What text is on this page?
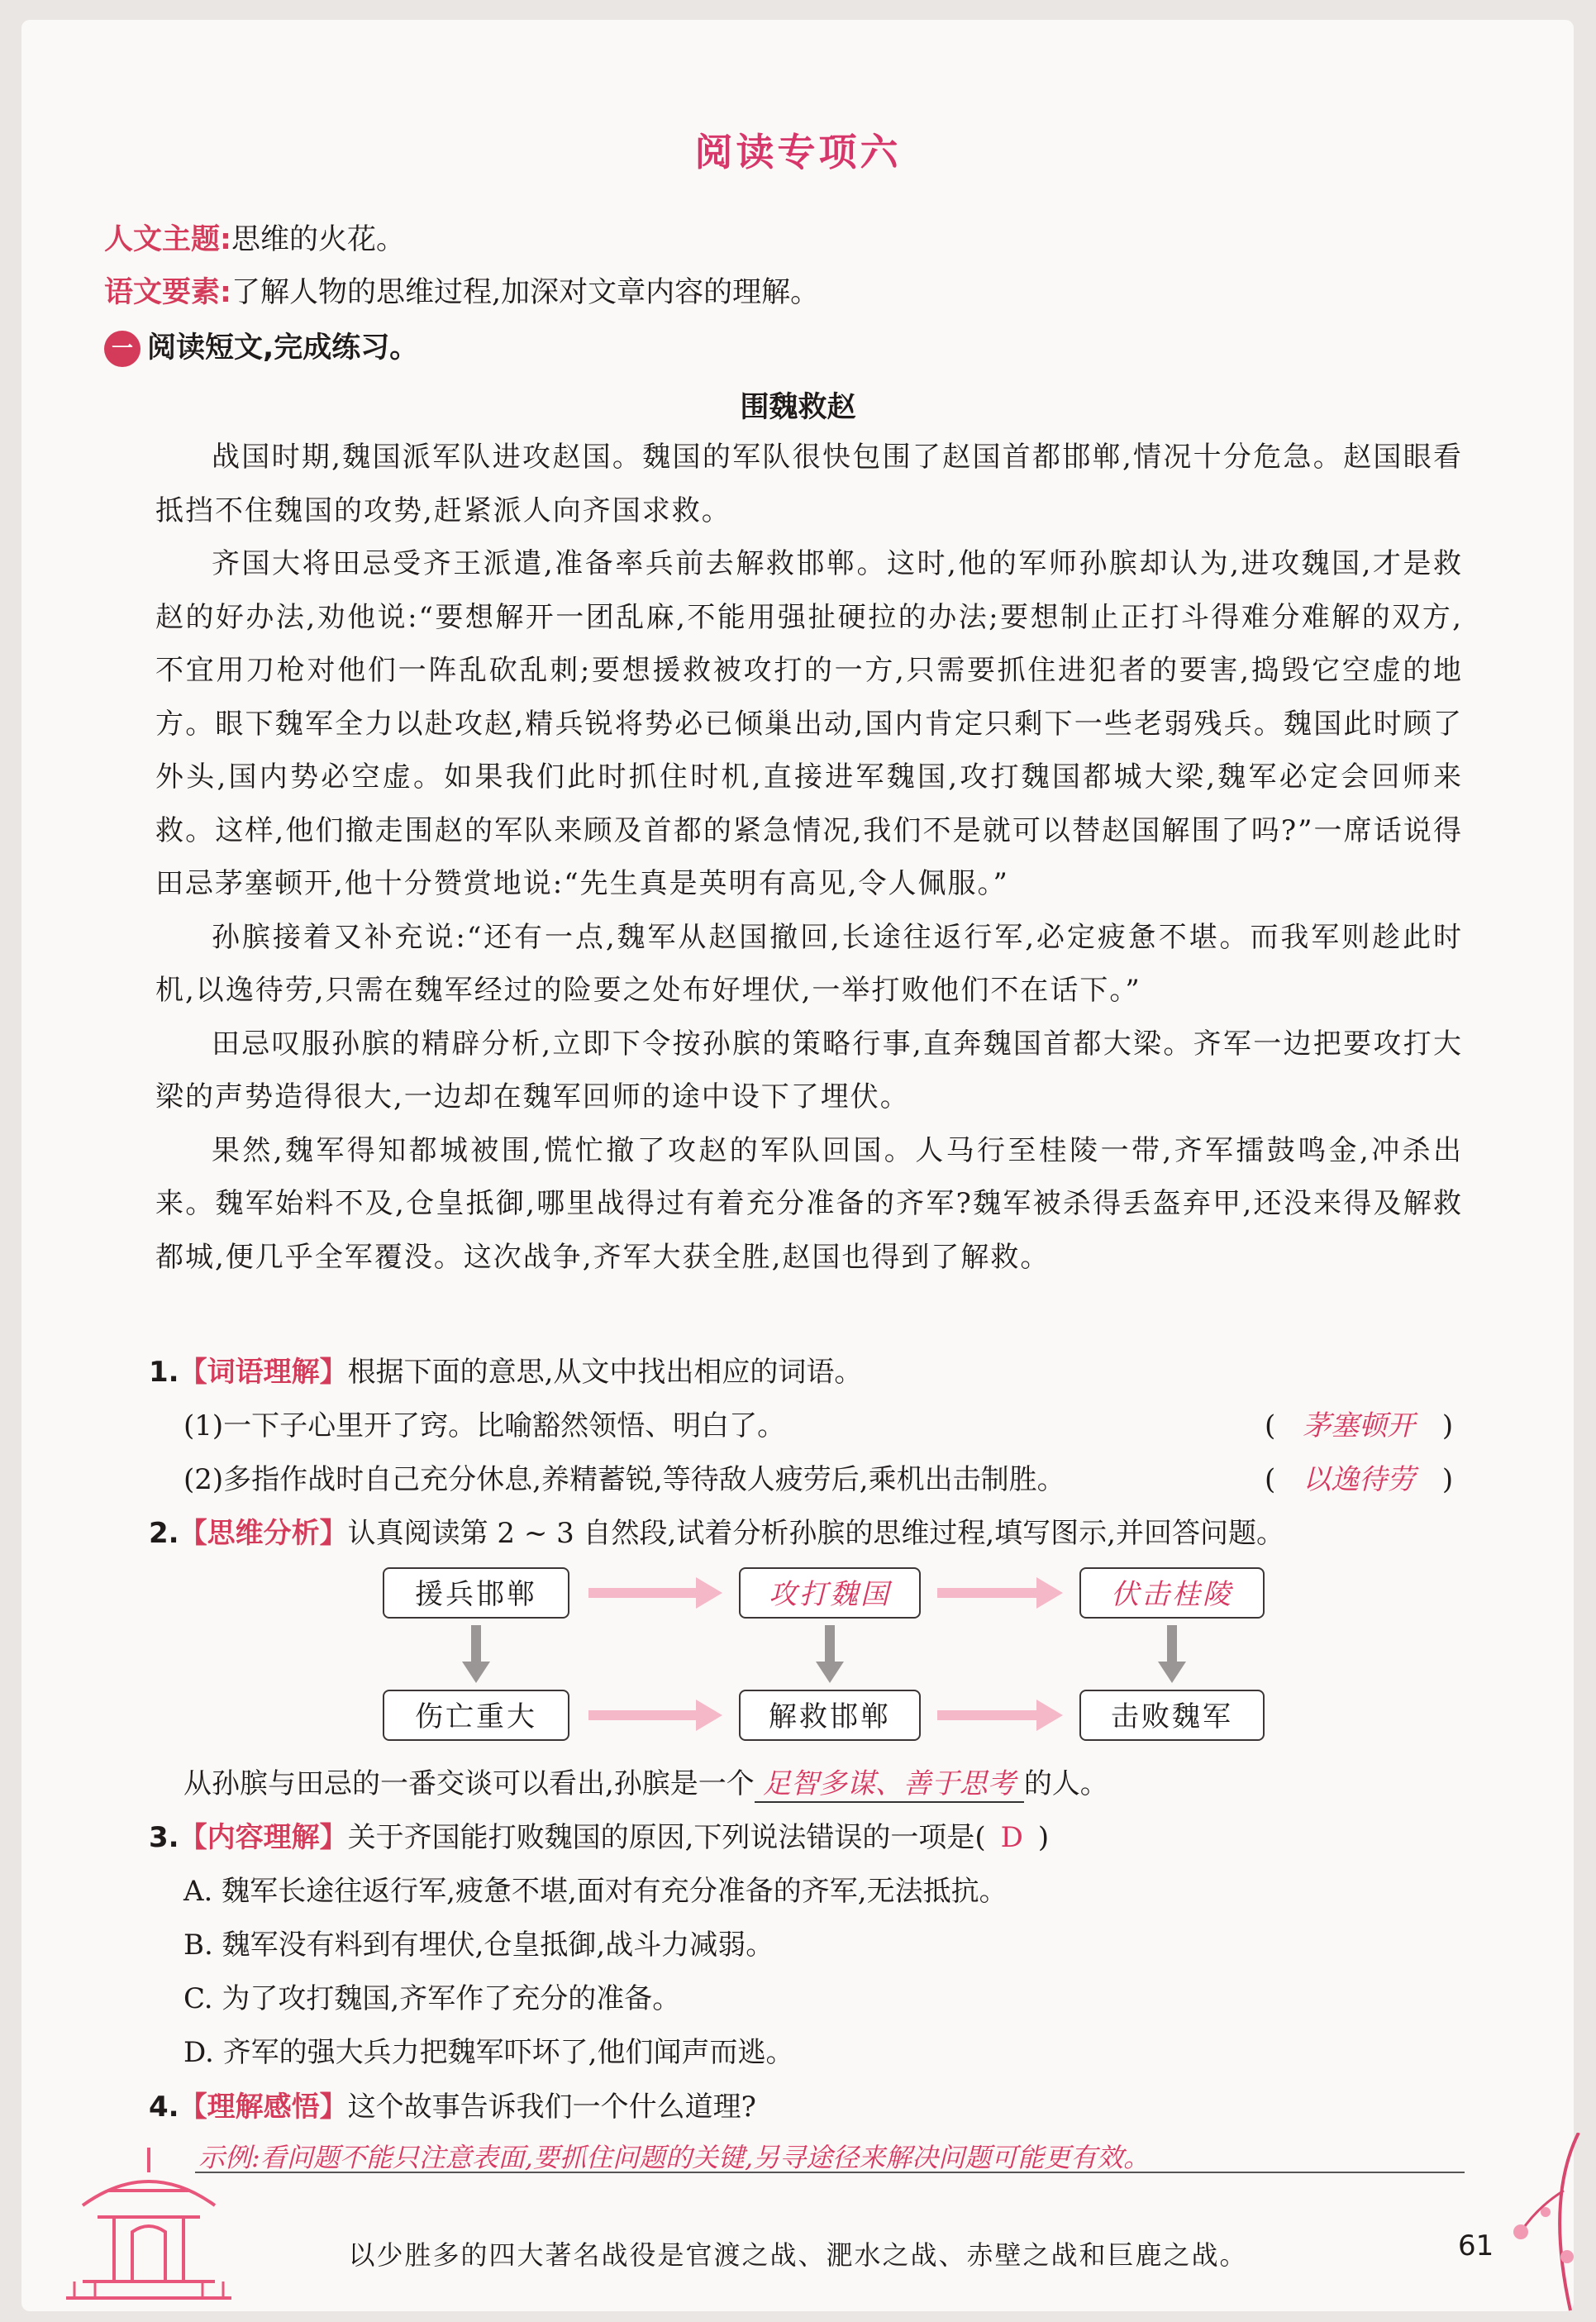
阅读专项六
人文主题:思维的火花。
语文要素:了解人物的思维过程,加深对文章内容的理解。
一 阅读短文,完成练习。
围魏救赵

战国时期,魏国派军队进攻赵国。魏国的军队很快包围了赵国首都邯郸,情况十分危急。赵国眼看抵挡不住魏国的攻势,赶紧派人向齐国求救。

齐国大将田忌受齐王派遣,准备率兵前去解救邯郸。这时,他的军师孙膑却认为,进攻魏国,才是救赵的好办法,劝他说:“要想解开一团乱麻,不能用强扯硬拉的办法;要想制止正打斗得难分难解的双方,不宜用刀枪对他们一阵乱砍乱刺;要想援救被攻打的一方,只需要抓住进犯者的要害,捣毁它空虚的地方。眼下魏军全力以赴攻赵,精兵锐将势必已倾巢出动,国内肯定只剩下一些老弱残兵。魏国此时顾了外头,国内势必空虚。如果我们此时抓住时机,直接进军魏国,攻打魏国都城大梁,魏军必定会回师来救。这样,他们撤走围赵的军队来顾及首都的紧急情况,我们不是就可以替赵国解围了吗?”一席话说得田忌茅塞顿开,他十分赞赏地说:“先生真是英明有高见,令人佩服。”

孙膑接着又补充说:“还有一点,魏军从赵国撤回,长途往返行军,必定疲惫不堪。而我军则趁此时机,以逸待劳,只需在魏军经过的险要之处布好埋伏,一举打败他们不在话下。”

田忌叹服孙膑的精辟分析,立即下令按孙膑的策略行事,直奔魏国首都大梁。齐军一边把要攻打大梁的声势造得很大,一边却在魏军回师的途中设下了埋伏。

果然,魏军得知都城被围,慌忙撤了攻赵的军队回国。人马行至桂陵一带,齐军擂鼓鸣金,冲杀出来。魏军始料不及,仓皇抵御,哪里战得过有着充分准备的齐军?魏军被杀得丢盔弃甲,还没来得及解救都城,便几乎全军覆没。这次战争,齐军大获全胜,赵国也得到了解救。

1.【词语理解】根据下面的意思,从文中找出相应的词语。
(1)一下子心里开了窍。比喻豁然领悟、明白了。	( 茅塞顿开 )
(2)多指作战时自己充分休息,养精蓄锐,等待敌人疲劳后,乘机出击制胜。	( 以逸待劳 )
2.【思维分析】认真阅读第 2 ~ 3 自然段,试着分析孙膑的思维过程,填写图示,并回答问题。
援兵邯郸	攻打魏国	伏击桂陵
伤亡重大	解救邯郸	击败魏军
从孙膑与田忌的一番交谈可以看出,孙膑是一个 足智多谋、善于思考 的人。
3.【内容理解】关于齐国能打败魏国的原因,下列说法错误的一项是( D )
A. 魏军长途往返行军,疲惫不堪,面对有充分准备的齐军,无法抵抗。
B. 魏军没有料到有埋伏,仓皇抵御,战斗力减弱。
C. 为了攻打魏国,齐军作了充分的准备。
D. 齐军的强大兵力把魏军吓坏了,他们闻声而逃。
4.【理解感悟】这个故事告诉我们一个什么道理?
示例:看问题不能只注意表面,要抓住问题的关键,另寻途径来解决问题可能更有效。
以少胜多的四大著名战役是官渡之战、淝水之战、赤壁之战和巨鹿之战。	61
